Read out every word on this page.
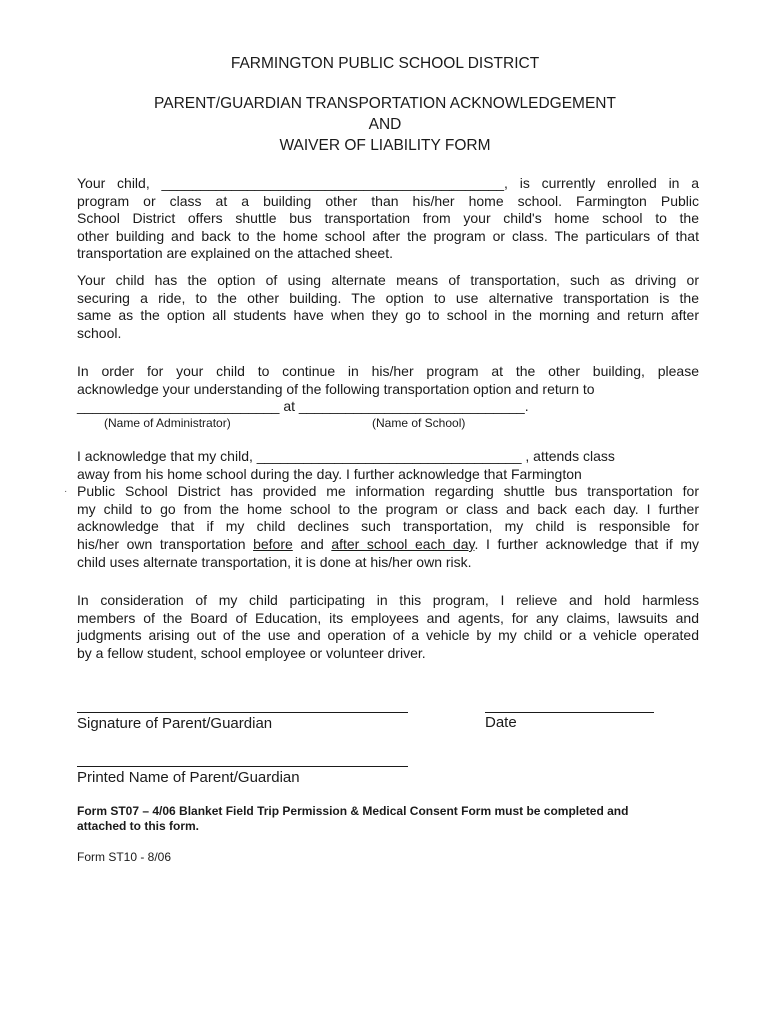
FARMINGTON PUBLIC SCHOOL DISTRICT
PARENT/GUARDIAN TRANSPORTATION ACKNOWLEDGEMENT
AND
WAIVER OF LIABILITY FORM
Your child, ____________________________________________, is currently enrolled in a
program or class at a building other than his/her home school. Farmington Public
School District offers shuttle bus transportation from your child's home school to the
other building and back to the home school after the program or class. The particulars of that
transportation are explained on the attached sheet.
Your child has the option of using alternate means of transportation, such as driving or
securing a ride, to the other building. The option to use alternative transportation is the
same as the option all students have when they go to school in the morning and return after
school.
In order for your child to continue in his/her program at the other building, please
acknowledge your understanding of the following transportation option and return to
__________________________ at _____________________________.
(Name of Administrator)	(Name of School)
I acknowledge that my child, __________________________________ , attends class
away from his home school during the day. I further acknowledge that Farmington
Public School District has provided me information regarding shuttle bus transportation for
my child to go from the home school to the program or class and back each day. I further
acknowledge that if my child declines such transportation, my child is responsible for
his/her own transportation before and after school each day. I further acknowledge that if my
child uses alternate transportation, it is done at his/her own risk.
·
In consideration of my child participating in this program, I relieve and hold harmless
members of the Board of Education, its employees and agents, for any claims, lawsuits and
judgments arising out of the use and operation of a vehicle by my child or a vehicle operated
by a fellow student, school employee or volunteer driver.
Signature of Parent/Guardian	Date
Printed Name of Parent/Guardian
Form ST07 – 4/06 Blanket Field Trip Permission & Medical Consent Form must be completed and
attached to this form.
Form ST10 - 8/06
